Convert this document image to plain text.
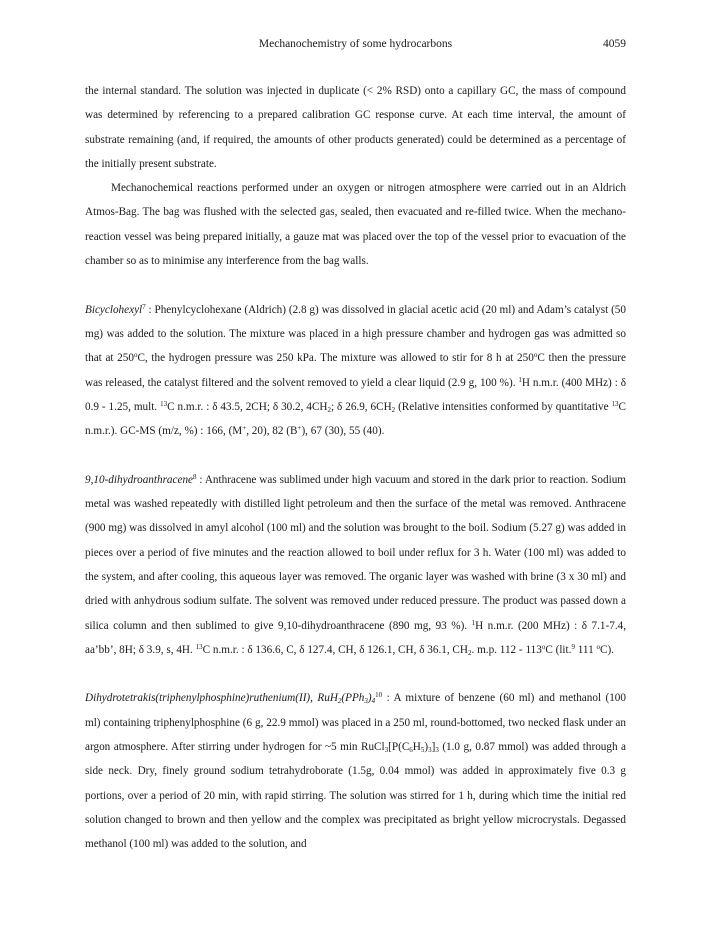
Mechanochemistry of some hydrocarbons	4059

the internal standard. The solution was injected in duplicate (< 2% RSD) onto a capillary GC, the mass of compound was determined by referencing to a prepared calibration GC response curve. At each time interval, the amount of substrate remaining (and, if required, the amounts of other products generated) could be determined as a percentage of the initially present substrate.

Mechanochemical reactions performed under an oxygen or nitrogen atmosphere were carried out in an Aldrich Atmos-Bag. The bag was flushed with the selected gas, sealed, then evacuated and re-filled twice. When the mechano-reaction vessel was being prepared initially, a gauze mat was placed over the top of the vessel prior to evacuation of the chamber so as to minimise any interference from the bag walls.

Bicyclohexyl$^7$ : Phenylcyclohexane (Aldrich) (2.8 g) was dissolved in glacial acetic acid (20 ml) and Adam’s catalyst (50 mg) was added to the solution. The mixture was placed in a high pressure chamber and hydrogen gas was admitted so that at 250$^o$C, the hydrogen pressure was 250 kPa. The mixture was allowed to stir for 8 h at 250$^o$C then the pressure was released, the catalyst filtered and the solvent removed to yield a clear liquid (2.9 g, 100 %). $^1$H n.m.r. (400 MHz) : δ 0.9 - 1.25, mult. $^{13}$C n.m.r. : δ 43.5, 2CH; δ 30.2, $4CH_2$; δ 26.9, $6CH_2$ (Relative intensities conformed by quantitative $^{13}$C n.m.r.). GC-MS (m/z, %) : 166, (M+, 20), 82 (B+), 67 (30), 55 (40).

9,10-dihydroanthracene$^8$ : Anthracene was sublimed under high vacuum and stored in the dark prior to reaction. Sodium metal was washed repeatedly with distilled light petroleum and then the surface of the metal was removed. Anthracene (900 mg) was dissolved in amyl alcohol (100 ml) and the solution was brought to the boil. Sodium (5.27 g) was added in pieces over a period of five minutes and the reaction allowed to boil under reflux for 3 h. Water (100 ml) was added to the system, and after cooling, this aqueous layer was removed. The organic layer was washed with brine (3 x 30 ml) and dried with anhydrous sodium sulfate. The solvent was removed under reduced pressure. The product was passed down a silica column and then sublimed to give 9,10-dihydroanthracene (890 mg, 93 %). $^1$H n.m.r. (200 MHz) : δ 7.1-7.4, aa’bb’, 8H; δ 3.9, s, 4H. $^{13}$C n.m.r. : δ 136.6, C, δ 127.4, CH, δ 126.1, CH, δ 36.1, $CH_2$. m.p. 112 - 113$^o$C (lit.$^9$ 111 $^o$C).

Dihydrotetrakis(triphenylphosphine)ruthenium(II), $RuH_2(PPh_3)_4^{10}$ : A mixture of benzene (60 ml) and methanol (100 ml) containing triphenylphosphine (6 g, 22.9 mmol) was placed in a 250 ml, round-bottomed, two necked flask under an argon atmosphere. After stirring under hydrogen for ~5 $\min RuCl_3[P(C_6H_5)_3]_3$ (1.0 g, 0.87 mmol) was added through a side neck. Dry, finely ground sodium tetrahydroborate (1.5g, 0.04 mmol) was added in approximately five 0.3 g portions, over a period of 20 min, with rapid stirring. The solution was stirred for 1 h, during which time the initial red solution changed to brown and then yellow and the complex was precipitated as bright yellow microcrystals. Degassed methanol (100 ml) was added to the solution, and
